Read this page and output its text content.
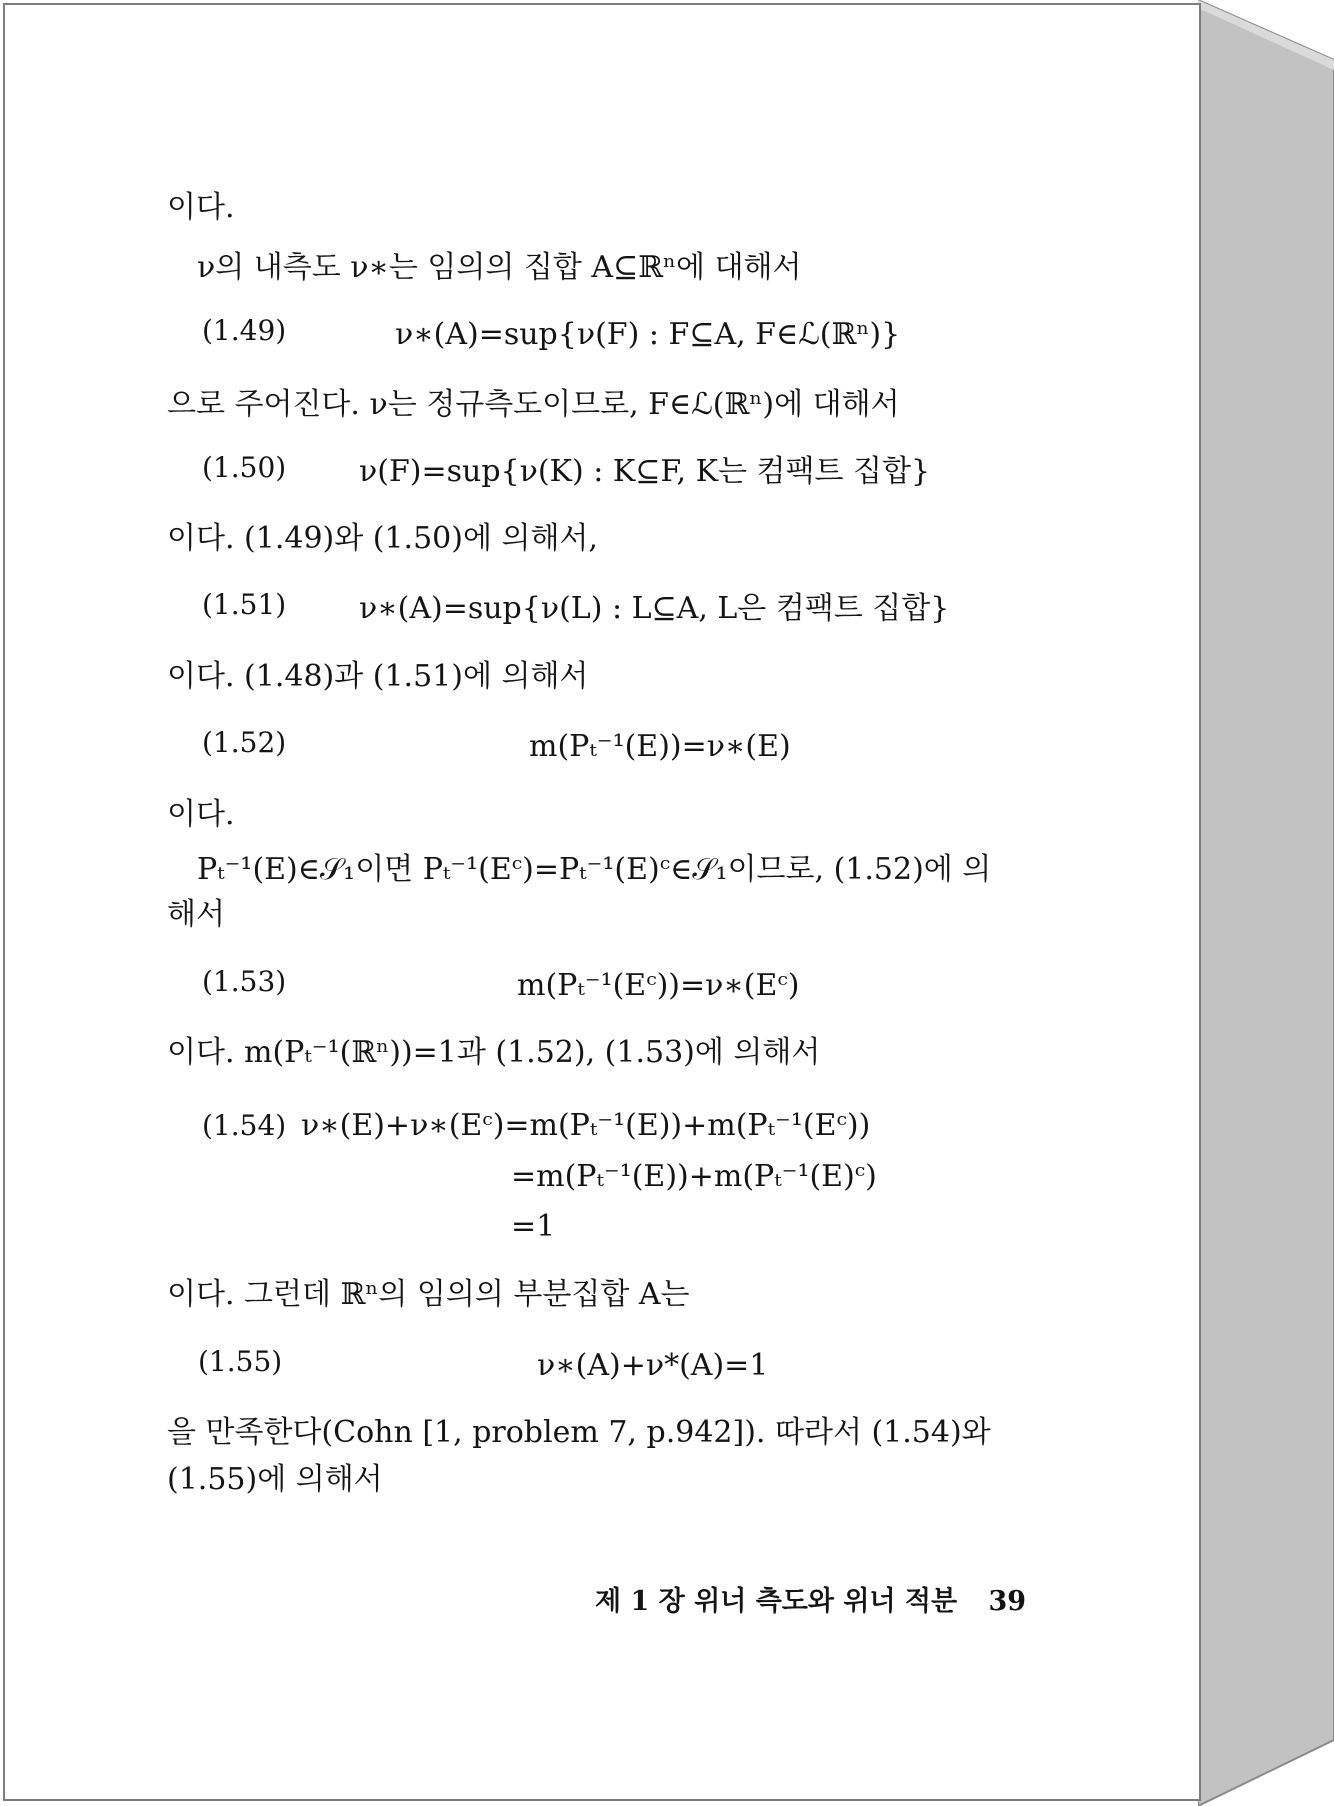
이다.
ν의 내측도 ν∗는 임의의 집합 A⊆ℝⁿ에 대해서
(1.49)	ν∗(A)=sup{ν(F) : F⊆A, F∈ℒ(ℝⁿ)}
으로 주어진다. ν는 정규측도이므로, F∈ℒ(ℝⁿ)에 대해서
(1.50) ν(F)=sup{ν(K) : K⊆F, K는 컴팩트 집합}
이다. (1.49)와 (1.50)에 의해서,
(1.51) ν∗(A)=sup{ν(L) : L⊆A, L은 컴팩트 집합}
이다. (1.48)과 (1.51)에 의해서
(1.52)	m(Pₜ⁻¹(E))=ν∗(E)
이다.
Pₜ⁻¹(E)∈𝒮₁이면 Pₜ⁻¹(Eᶜ)=Pₜ⁻¹(E)ᶜ∈𝒮₁이므로, (1.52)에 의
해서
(1.53)	m(Pₜ⁻¹(Eᶜ))=ν∗(Eᶜ)
이다. m(Pₜ⁻¹(ℝⁿ))=1과 (1.52), (1.53)에 의해서
(1.54) ν∗(E)+ν∗(Eᶜ)=m(Pₜ⁻¹(E))+m(Pₜ⁻¹(Eᶜ))
=m(Pₜ⁻¹(E))+m(Pₜ⁻¹(E)ᶜ)
=1
이다. 그런데 ℝⁿ의 임의의 부분집합 A는
(1.55)	ν∗(A)+ν*(A)=1
을 만족한다(Cohn [1, problem 7, p.942]). 따라서 (1.54)와
(1.55)에 의해서
제 1 장 위너 측도와 위너 적분 39
